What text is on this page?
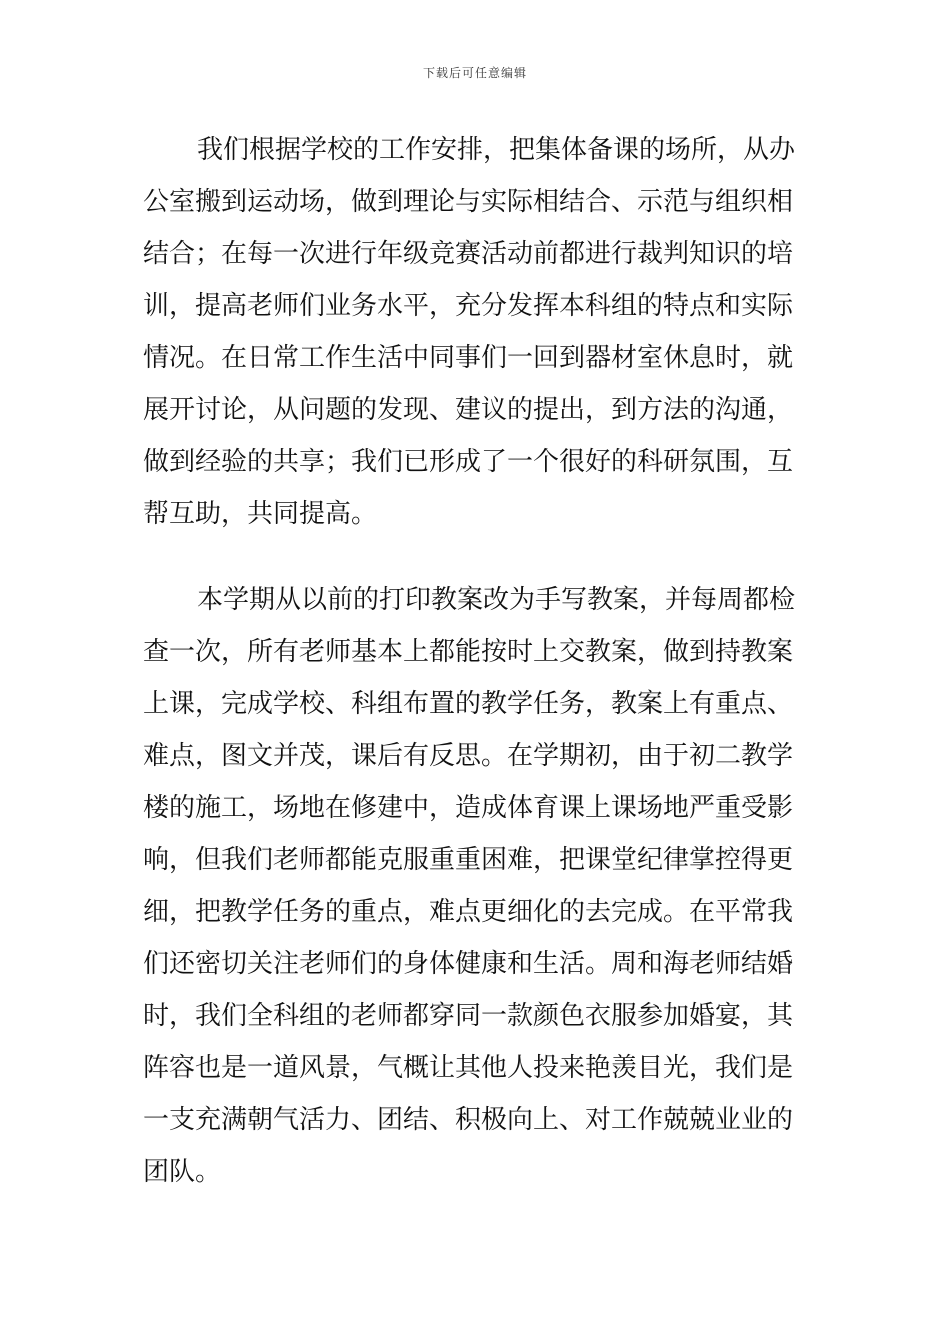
下载后可任意编辑
我们根据学校的工作安排，把集体备课的场所，从办
公室搬到运动场，做到理论与实际相结合、示范与组织相
结合；在每一次进行年级竞赛活动前都进行裁判知识的培
训，提高老师们业务水平，充分发挥本科组的特点和实际
情况。在日常工作生活中同事们一回到器材室休息时，就
展开讨论，从问题的发现、建议的提出，到方法的沟通，
做到经验的共享；我们已形成了一个很好的科研氛围，互
帮互助，共同提高。
本学期从以前的打印教案改为手写教案，并每周都检
查一次，所有老师基本上都能按时上交教案，做到持教案
上课，完成学校、科组布置的教学任务，教案上有重点、
难点，图文并茂，课后有反思。在学期初，由于初二教学
楼的施工，场地在修建中，造成体育课上课场地严重受影
响，但我们老师都能克服重重困难，把课堂纪律掌控得更
细，把教学任务的重点，难点更细化的去完成。在平常我
们还密切关注老师们的身体健康和生活。周和海老师结婚
时，我们全科组的老师都穿同一款颜色衣服参加婚宴，其
阵容也是一道风景，气概让其他人投来艳羡目光，我们是
一支充满朝气活力、团结、积极向上、对工作兢兢业业的
团队。
